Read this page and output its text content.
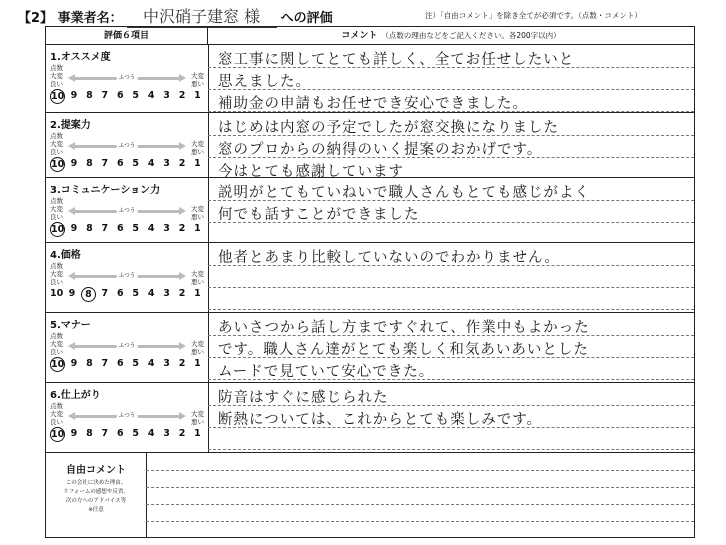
【2】 事業者名： 中沢硝子建窓 様 への評価	注）「自由コメント」を除き全てが必須です。（点数・コメント）
評価６項目	コメント （点数の理由などをご記入ください。各200字以内）
1.オススメ度
点数
大変
良い
大変
悪い
ふつう
10 9 8 7 6 5 4 3 2 1
窓工事に関してとても詳しく、全てお任せしたいと
思えました。
補助金の申請もお任せでき安心できました。
2.提案力
点数
大変
良い
大変
悪い
ふつう
10 9 8 7 6 5 4 3 2 1
はじめは内窓の予定でしたが窓交換になりました
窓のプロからの納得のいく提案のおかげです。
今はとても感謝しています
3.コミュニケーション力
点数
大変
良い
大変
悪い
ふつう
10 9 8 7 6 5 4 3 2 1
説明がとてもていねいで職人さんもとても感じがよく
何でも話すことができました
4.価格
点数
大変
良い
大変
悪い
ふつう
10 9	8	7 6 5 4 3 2 1
他者とあまり比較していないのでわかりません。
5.マナー
点数
大変
良い
大変
悪い
ふつう
10 9 8 7 6 5 4 3 2 1
あいさつから話し方まですぐれて、作業中もよかった
です。職人さん達がとても楽しく和気あいあいとした
ムードで見ていて安心できた。
6.仕上がり
点数
大変
良い
大変
悪い
ふつう
10 9 8 7 6 5 4 3 2 1
防音はすぐに感じられた
断熱については、これからとても楽しみです。
自由コメント
この会社に決めた理由、
リフォームの感想や反省、
次の方へのアドバイス等
※任意
